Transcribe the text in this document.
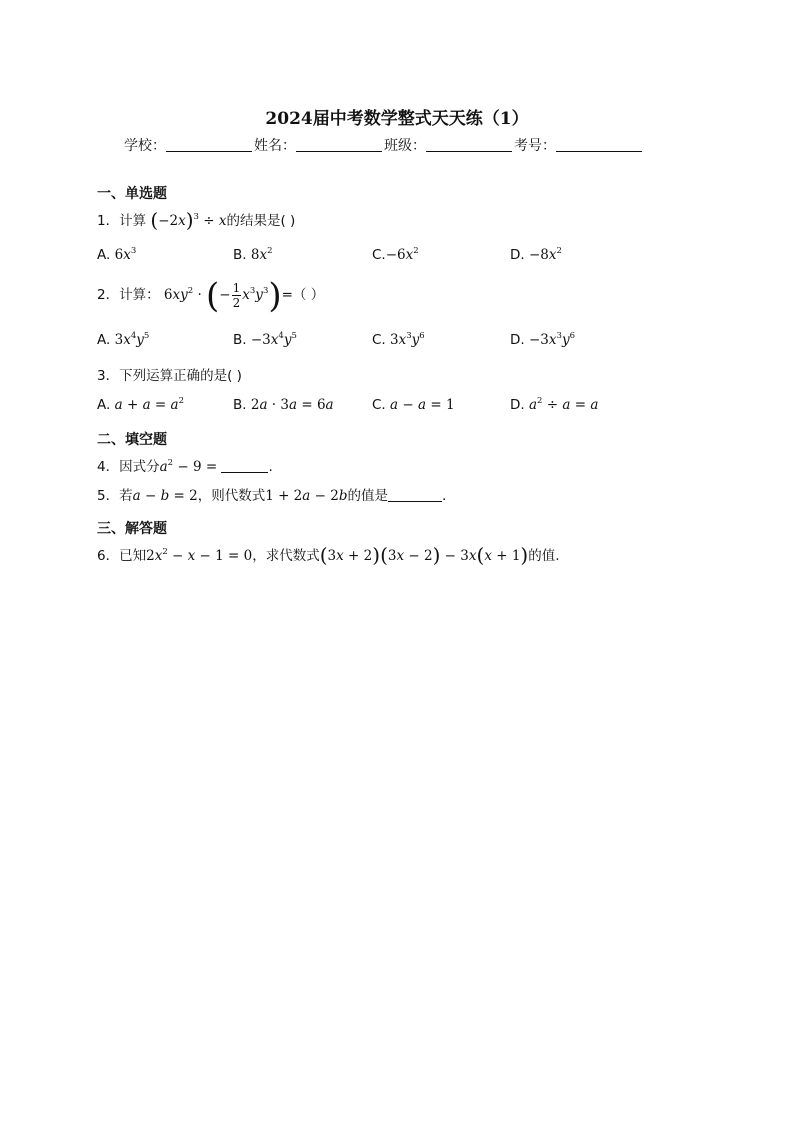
2024届中考数学整式天天练（1）
学校：	姓名：	班级：	考号：
一、单选题
1．计算 $(-2x)^3 \div x$的结果是( )
A. $6x^3$	B. $8x^2$	$C.-6x^2$	D. $-8x^2$
2．计算： $6xy^2$ · (− $\frac{1}{2} x^3y^3)=$（ ）
A. $3x^4y^5$	B. $-3x^4y^5$	C. $3x^3y^6$	D. $-3x^3y^6$
3．下列运算正确的是( )
A. $a + a = a^2$	B. 2a · 3a = 6a	C. a − a = 1	D. $a^2 \div a = a$
二、填空题
4．因式分$a^2 - 9$ =	.
5．若a − b = 2，则代数式1 + 2a − 2b的值是	.
三、解答题
6．已知$2x^2 - x - 1 = 0$，求代数式(3x + 2)(3x − 2) − 3x(x + 1)的值.
